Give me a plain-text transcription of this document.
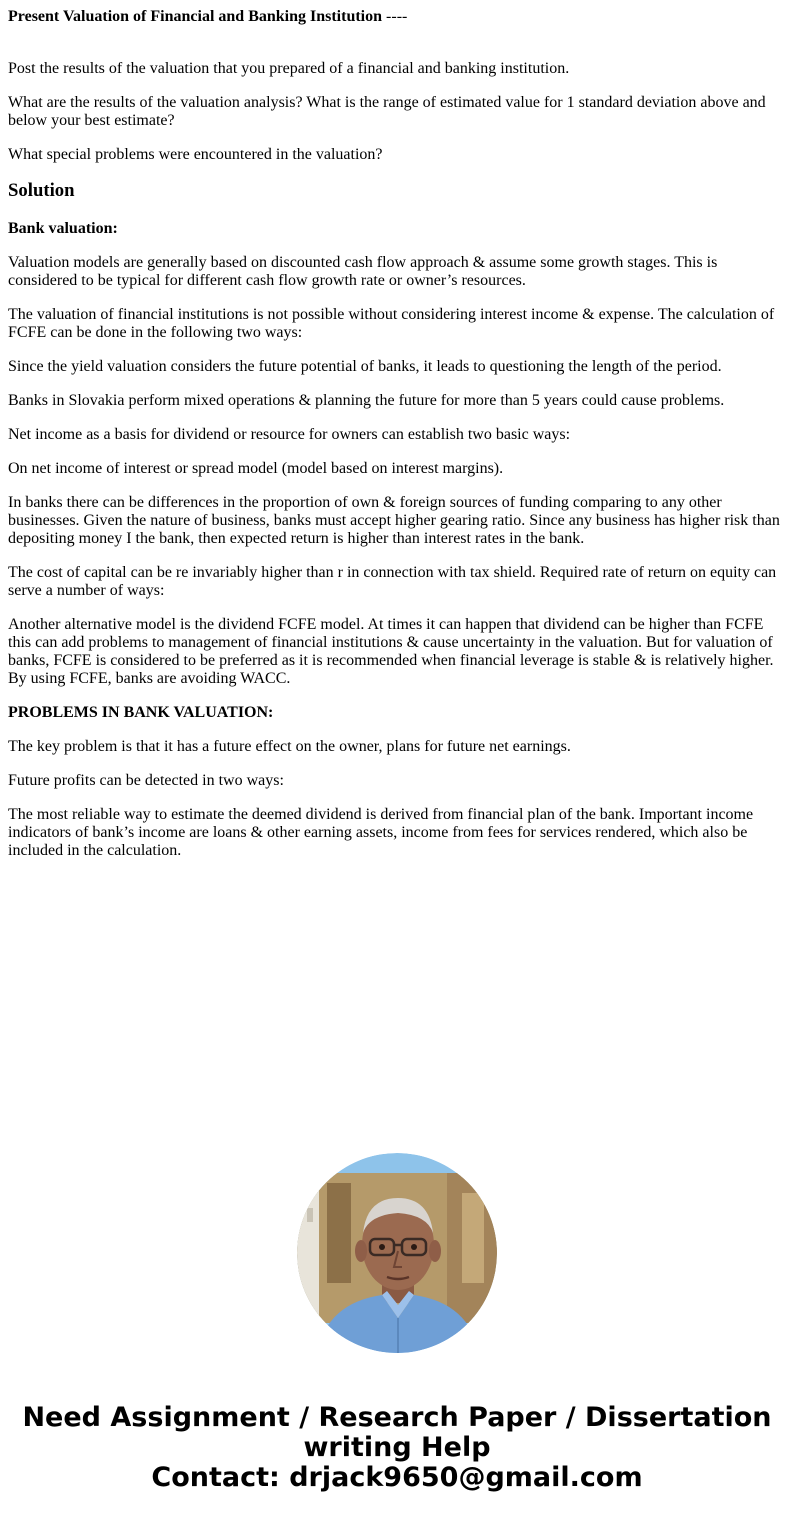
Present Valuation of Financial and Banking Institution ----

Post the results of the valuation that you prepared of a financial and banking institution.

What are the results of the valuation analysis? What is the range of estimated value for 1 standard deviation above and below your best estimate?

What special problems were encountered in the valuation?

Solution

Bank valuation:

Valuation models are generally based on discounted cash flow approach & assume some growth stages. This is considered to be typical for different cash flow growth rate or owner’s resources.

The valuation of financial institutions is not possible without considering interest income & expense. The calculation of FCFE can be done in the following two ways:

Since the yield valuation considers the future potential of banks, it leads to questioning the length of the period.

Banks in Slovakia perform mixed operations & planning the future for more than 5 years could cause problems.

Net income as a basis for dividend or resource for owners can establish two basic ways:

On net income of interest or spread model (model based on interest margins).

In banks there can be differences in the proportion of own & foreign sources of funding comparing to any other businesses. Given the nature of business, banks must accept higher gearing ratio. Since any business has higher risk than depositing money I the bank, then expected return is higher than interest rates in the bank.

The cost of capital can be re invariably higher than r in connection with tax shield. Required rate of return on equity can serve a number of ways:

Another alternative model is the dividend FCFE model. At times it can happen that dividend can be higher than FCFE this can add problems to management of financial institutions & cause uncertainty in the valuation. But for valuation of banks, FCFE is considered to be preferred as it is recommended when financial leverage is stable & is relatively higher. By using FCFE, banks are avoiding WACC.

PROBLEMS IN BANK VALUATION:

The key problem is that it has a future effect on the owner, plans for future net earnings.

Future profits can be detected in two ways:

The most reliable way to estimate the deemed dividend is derived from financial plan of the bank. Important income indicators of bank’s income are loans & other earning assets, income from fees for services rendered, which also be included in the calculation.

Need Assignment / Research Paper / Dissertation
writing Help
Contact: drjack9650@gmail.com
